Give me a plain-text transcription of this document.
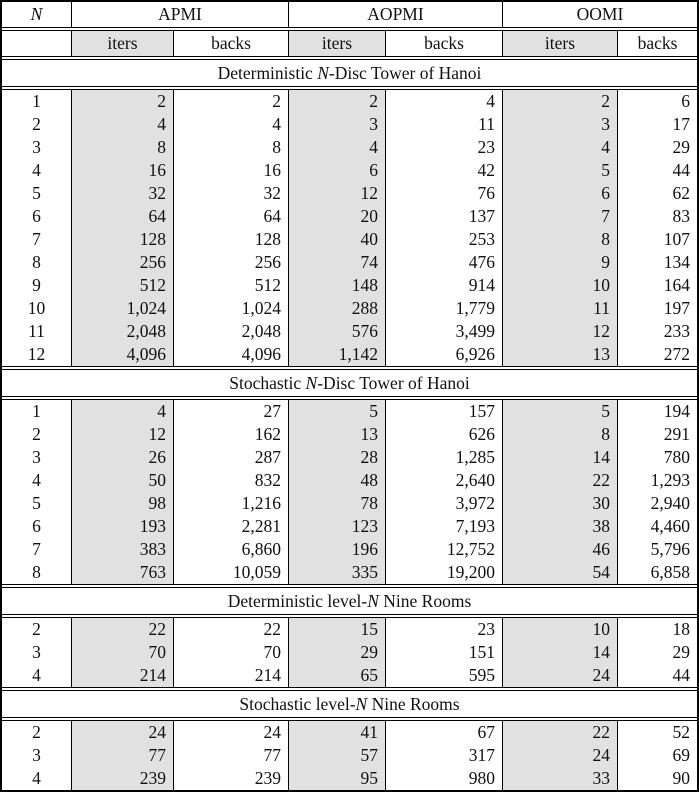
N	APMI	AOPMI	OOMI
iters	backs	iters	backs	iters	backs
Deterministic N-Disc Tower of Hanoi
1	2	2	2	4	2	6
2	4	4	3	11	3	17
3	8	8	4	23	4	29
4	16	16	6	42	5	44
5	32	32	12	76	6	62
6	64	64	20	137	7	83
7	128	128	40	253	8	107
8	256	256	74	476	9	134
9	512	512	148	914	10	164
10	1,024	1,024	288	1,779	11	197
11	2,048	2,048	576	3,499	12	233
12	4,096	4,096	1,142	6,926	13	272
Stochastic N-Disc Tower of Hanoi
1	4	27	5	157	5	194
2	12	162	13	626	8	291
3	26	287	28	1,285	14	780
4	50	832	48	2,640	22	1,293
5	98	1,216	78	3,972	30	2,940
6	193	2,281	123	7,193	38	4,460
7	383	6,860	196	12,752	46	5,796
8	763	10,059	335	19,200	54	6,858
Deterministic level-N Nine Rooms
2	22	22	15	23	10	18
3	70	70	29	151	14	29
4	214	214	65	595	24	44
Stochastic level-N Nine Rooms
2	24	24	41	67	22	52
3	77	77	57	317	24	69
4	239	239	95	980	33	90
